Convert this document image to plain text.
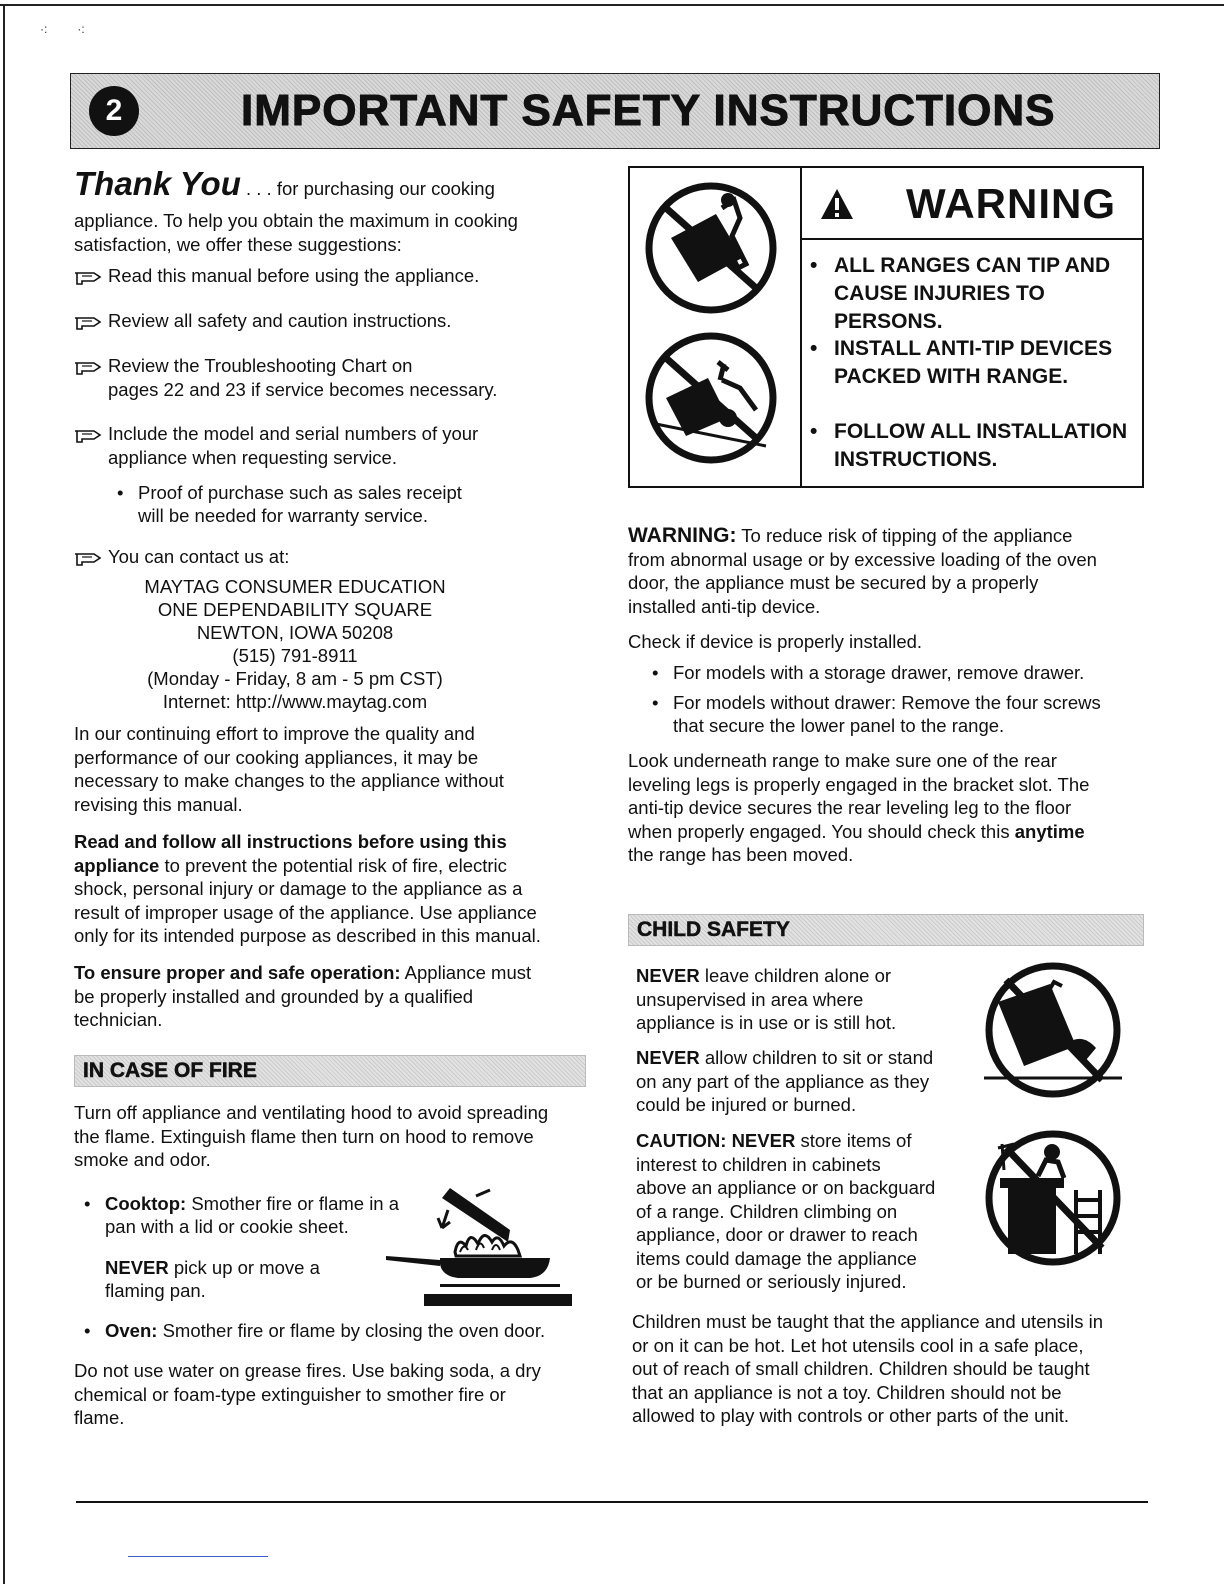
·:         ·:
2	IMPORTANT SAFETY INSTRUCTIONS
Thank You . . . for purchasing our cooking
appliance. To help you obtain the maximum in cooking
satisfaction, we offer these suggestions:
Read this manual before using the appliance.
Review all safety and caution instructions.
Review the Troubleshooting Chart on
pages 22 and 23 if service becomes necessary.
Include the model and serial numbers of your
appliance when requesting service.
• Proof of purchase such as sales receipt
will be needed for warranty service.
You can contact us at:
MAYTAG CONSUMER EDUCATION
ONE DEPENDABILITY SQUARE
NEWTON, IOWA 50208
(515) 791-8911
(Monday - Friday, 8 am - 5 pm CST)
Internet: http://www.maytag.com
In our continuing effort to improve the quality and
performance of our cooking appliances, it may be
necessary to make changes to the appliance without
revising this manual.
Read and follow all instructions before using this
appliance to prevent the potential risk of fire, electric
shock, personal injury or damage to the appliance as a
result of improper usage of the appliance. Use appliance
only for its intended purpose as described in this manual.
To ensure proper and safe operation: Appliance must
be properly installed and grounded by a qualified
technician.
IN CASE OF FIRE
Turn off appliance and ventilating hood to avoid spreading
the flame. Extinguish flame then turn on hood to remove
smoke and odor.
• Cooktop: Smother fire or flame in a
pan with a lid or cookie sheet.
NEVER pick up or move a
flaming pan.
• Oven: Smother fire or flame by closing the oven door.
Do not use water on grease fires. Use baking soda, a dry
chemical or foam-type extinguisher to smother fire or
flame.
WARNING
• ALL RANGES CAN TIP AND
CAUSE INJURIES TO PERSONS.
• INSTALL ANTI-TIP DEVICES
PACKED WITH RANGE.
• FOLLOW ALL INSTALLATION
INSTRUCTIONS.
WARNING: To reduce risk of tipping of the appliance
from abnormal usage or by excessive loading of the oven
door, the appliance must be secured by a properly
installed anti-tip device.
Check if device is properly installed.
• For models with a storage drawer, remove drawer.
• For models without drawer: Remove the four screws
that secure the lower panel to the range.
Look underneath range to make sure one of the rear
leveling legs is properly engaged in the bracket slot. The
anti-tip device secures the rear leveling leg to the floor
when properly engaged. You should check this anytime
the range has been moved.
CHILD SAFETY
NEVER leave children alone or
unsupervised in area where
appliance is in use or is still hot.
NEVER allow children to sit or stand
on any part of the appliance as they
could be injured or burned.
CAUTION: NEVER store items of
interest to children in cabinets
above an appliance or on backguard
of a range. Children climbing on
appliance, door or drawer to reach
items could damage the appliance
or be burned or seriously injured.
Children must be taught that the appliance and utensils in
or on it can be hot. Let hot utensils cool in a safe place,
out of reach of small children. Children should be taught
that an appliance is not a toy. Children should not be
allowed to play with controls or other parts of the unit.
